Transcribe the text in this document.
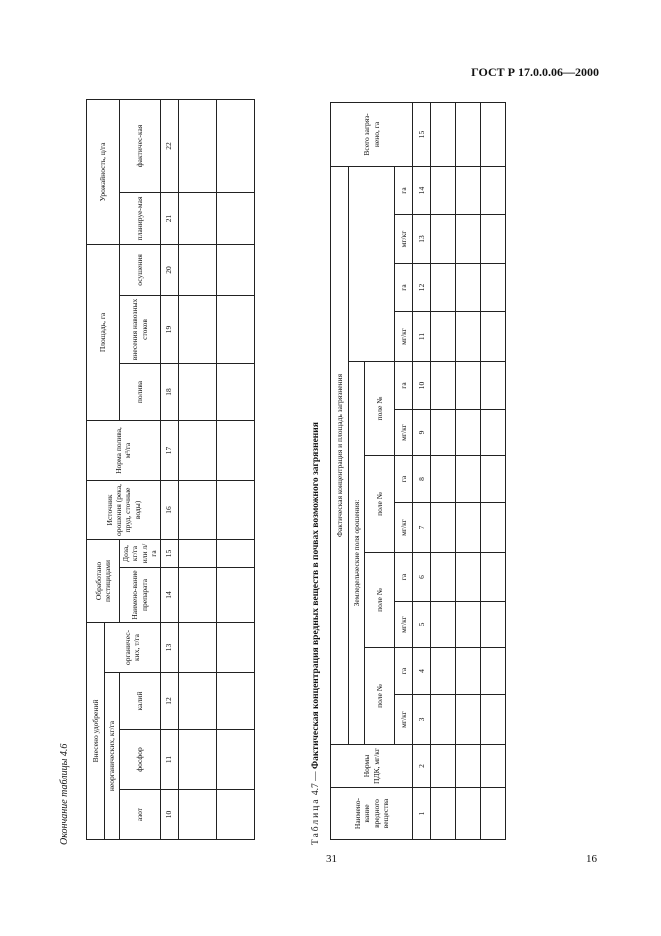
ГОСТ Р 17.0.0.06—2000
Окончание таблицы 4.6
Внесено удобрений				Обработано пестицидами		Источник орошения (река, пруд, сточные воды)	Норма полива, м³/га	Площадь, га			Урожайность, ц/га	
неорганических, кг/га			органичес-ких, т/га									
азот	фосфор	калий		Наимено-вание препарата	Доза, кг/га или л/га			полива	внесения навозных стоков	осушения	планируе-мая	фактичес-кая
10	11	12	13	14	15	16	17	18	19	20	21	22

Таблица 4.7 — Фактическая концентрация вредных веществ в почвах возможного загрязнения
Наимено-вание вредного вещества	Нормы ПДК, мг/кг	Фактическая концентрация и площадь загрязнения												Всего загряз-нено, га
		Земледельческие поля орошения:												
		поле №		поле №		поле №		поле №						
		мг/кг	га	мг/кг	га	мг/кг	га	мг/кг	га	мг/кг	га	мг/кг	га	
1	2	3	4	5	6	7	8	9	10	11	12	13	14	15

31	16
